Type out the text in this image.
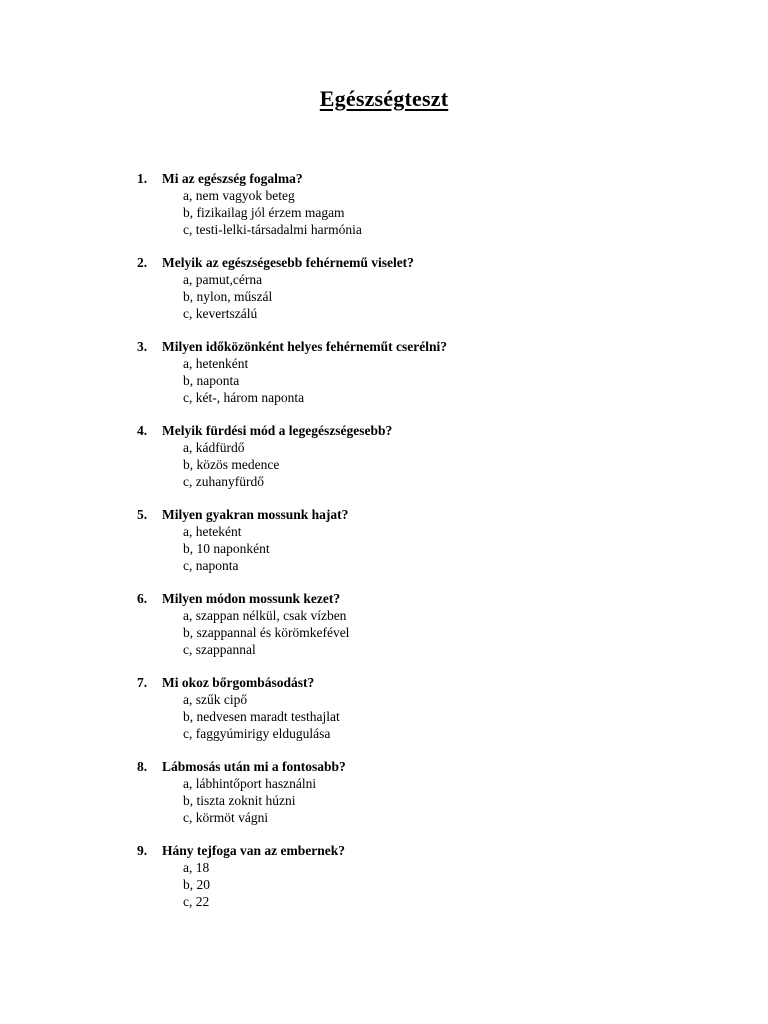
Egészségteszt
1. Mi az egészség fogalma?
a, nem vagyok beteg
b, fizikailag jól érzem magam
c, testi-lelki-társadalmi harmónia
2. Melyik az egészségesebb fehérnemű viselet?
a, pamut,cérna
b, nylon, műszál
c, kevertszálú
3. Milyen időközönként helyes fehérneműt cserélni?
a, hetenként
b, naponta
c, két-, három naponta
4. Melyik fürdési mód a legegészségesebb?
a, kádfürdő
b, közös medence
c, zuhanyfürdő
5. Milyen gyakran mossunk hajat?
a, heteként
b, 10 naponként
c, naponta
6. Milyen módon mossunk kezet?
a, szappan nélkül, csak vízben
b, szappannal és körömkefével
c, szappannal
7. Mi okoz bőrgombásodást?
a, szűk cipő
b, nedvesen maradt testhajlat
c, faggyúmirigy eldugulása
8. Lábmosás után mi a fontosabb?
a, lábhintőport használni
b, tiszta zoknit húzni
c, körmöt vágni
9. Hány tejfoga van az embernek?
a, 18
b, 20
c, 22
